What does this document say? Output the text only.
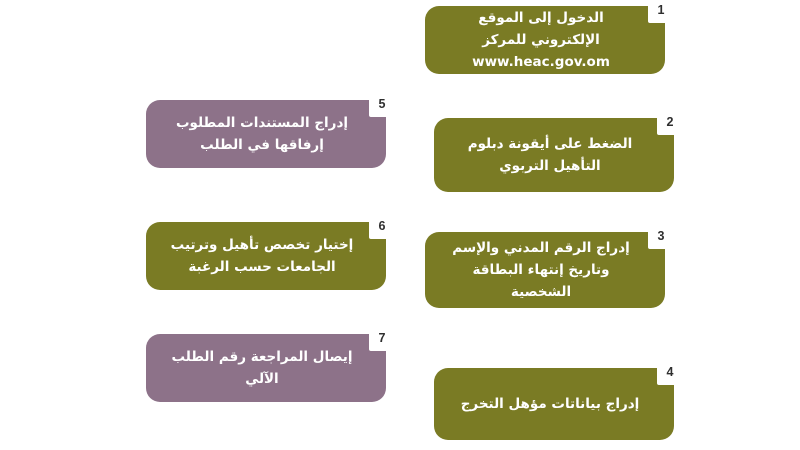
1

الدخول إلى الموقع الإلكتروني للمركز

www.heac.gov.om

2
الضغط على أيقونة دبلوم التأهيل التربوي
3
إدراج الرقم المدني والإسم وتاريخ إنتهاء البطاقة الشخصية
4
إدراج بياناتات مؤهل التخرج
5
إدراج المستندات المطلوب إرفاقها في الطلب
6
إختيار تخصص تأهيل وترتيب الجامعات حسب الرغبة
7
إيصال المراجعة رقم الطلب الآلي
